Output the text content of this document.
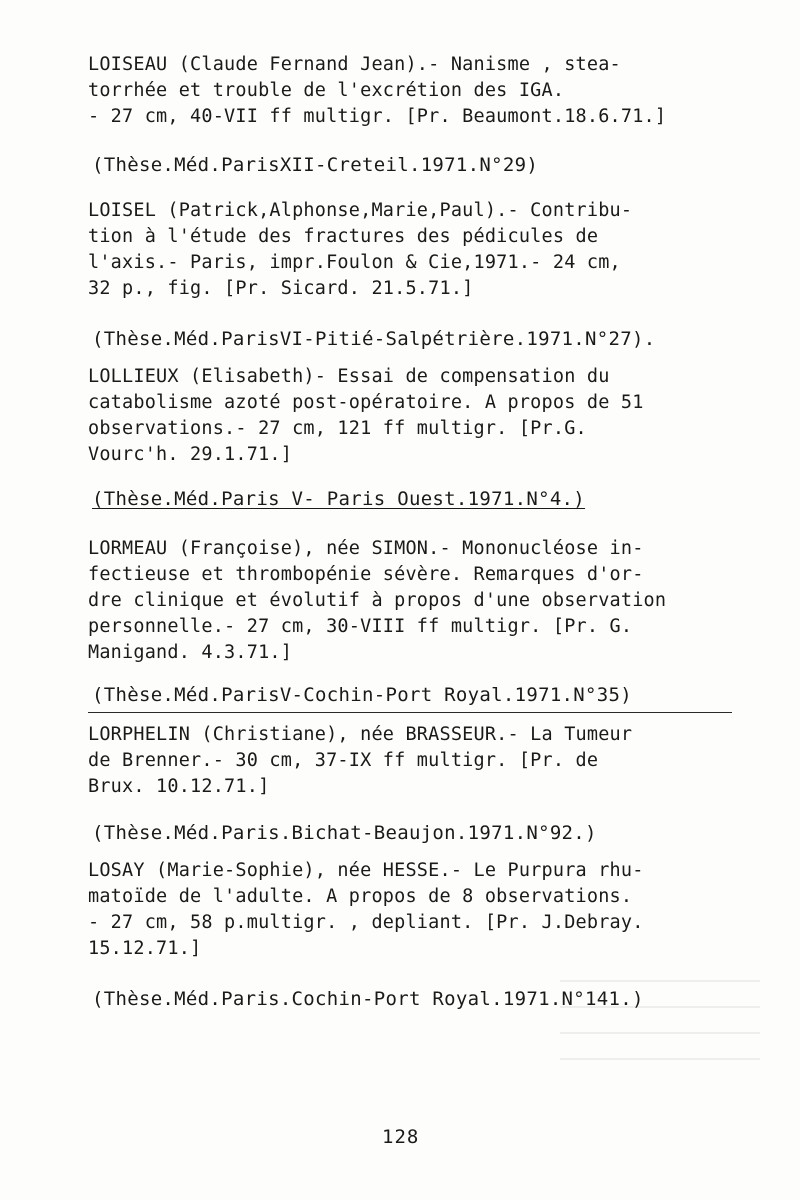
LOISEAU (Claude Fernand Jean).- Nanisme , stea-
torrhée et trouble de l'excrétion des IGA.
- 27 cm, 40-VII ff multigr. [Pr. Beaumont.18.6.71.]
(Thèse.Méd.ParisXII-Creteil.1971.N°29)
LOISEL (Patrick,Alphonse,Marie,Paul).- Contribu-
tion à l'étude des fractures des pédicules de
l'axis.- Paris, impr.Foulon & Cie,1971.- 24 cm,
32 p., fig. [Pr. Sicard. 21.5.71.]
(Thèse.Méd.ParisVI-Pitié-Salpétrière.1971.N°27).
LOLLIEUX (Elisabeth)- Essai de compensation du
catabolisme azoté post-opératoire. A propos de 51
observations.- 27 cm, 121 ff multigr. [Pr.G.
Vourc'h. 29.1.71.]
(Thèse.Méd.Paris V- Paris Ouest.1971.N°4.)
LORMEAU (Françoise), née SIMON.- Mononucléose in-
fectieuse et thrombopénie sévère. Remarques d'or-
dre clinique et évolutif à propos d'une observation
personnelle.- 27 cm, 30-VIII ff multigr. [Pr. G.
Manigand. 4.3.71.]
(Thèse.Méd.ParisV-Cochin-Port Royal.1971.N°35)
LORPHELIN (Christiane), née BRASSEUR.- La Tumeur
de Brenner.- 30 cm, 37-IX ff multigr. [Pr. de
Brux. 10.12.71.]
(Thèse.Méd.Paris.Bichat-Beaujon.1971.N°92.)
LOSAY (Marie-Sophie), née HESSE.- Le Purpura rhu-
matoïde de l'adulte. A propos de 8 observations.
- 27 cm, 58 p.multigr. , depliant. [Pr. J.Debray.
15.12.71.]
(Thèse.Méd.Paris.Cochin-Port Royal.1971.N°141.)
128
